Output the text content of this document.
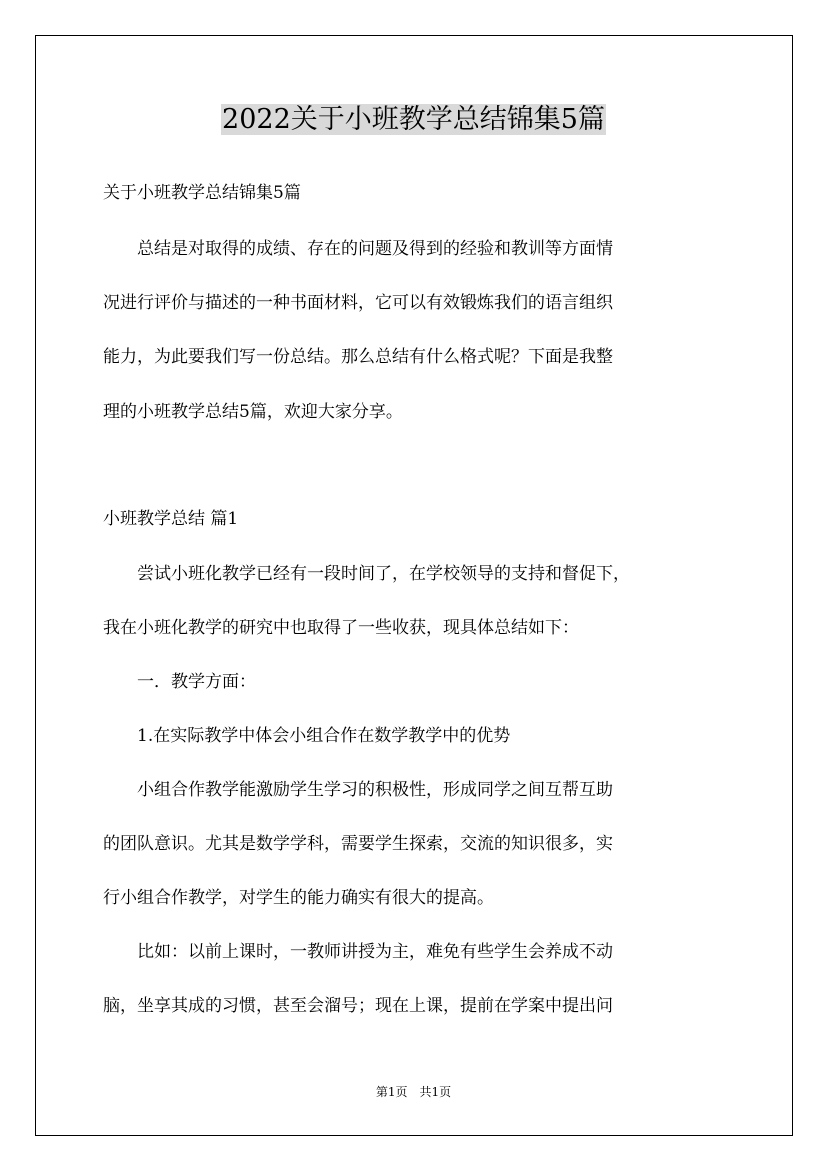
2022关于小班教学总结锦集5篇

关于小班教学总结锦集5篇

　　总结是对取得的成绩、存在的问题及得到的经验和教训等方面情

况进行评价与描述的一种书面材料，它可以有效锻炼我们的语言组织

能力，为此要我们写一份总结。那么总结有什么格式呢？下面是我整

理的小班教学总结5篇，欢迎大家分享。

小班教学总结 篇1

　　尝试小班化教学已经有一段时间了，在学校领导的支持和督促下，

我在小班化教学的研究中也取得了一些收获，现具体总结如下：

　　一．教学方面：

　　1.在实际教学中体会小组合作在数学教学中的优势

　　小组合作教学能激励学生学习的积极性，形成同学之间互帮互助

的团队意识。尤其是数学学科，需要学生探索，交流的知识很多，实

行小组合作教学，对学生的能力确实有很大的提高。

　　比如：以前上课时，一教师讲授为主，难免有些学生会养成不动

脑，坐享其成的习惯，甚至会溜号；现在上课，提前在学案中提出问

第1页　共1页
